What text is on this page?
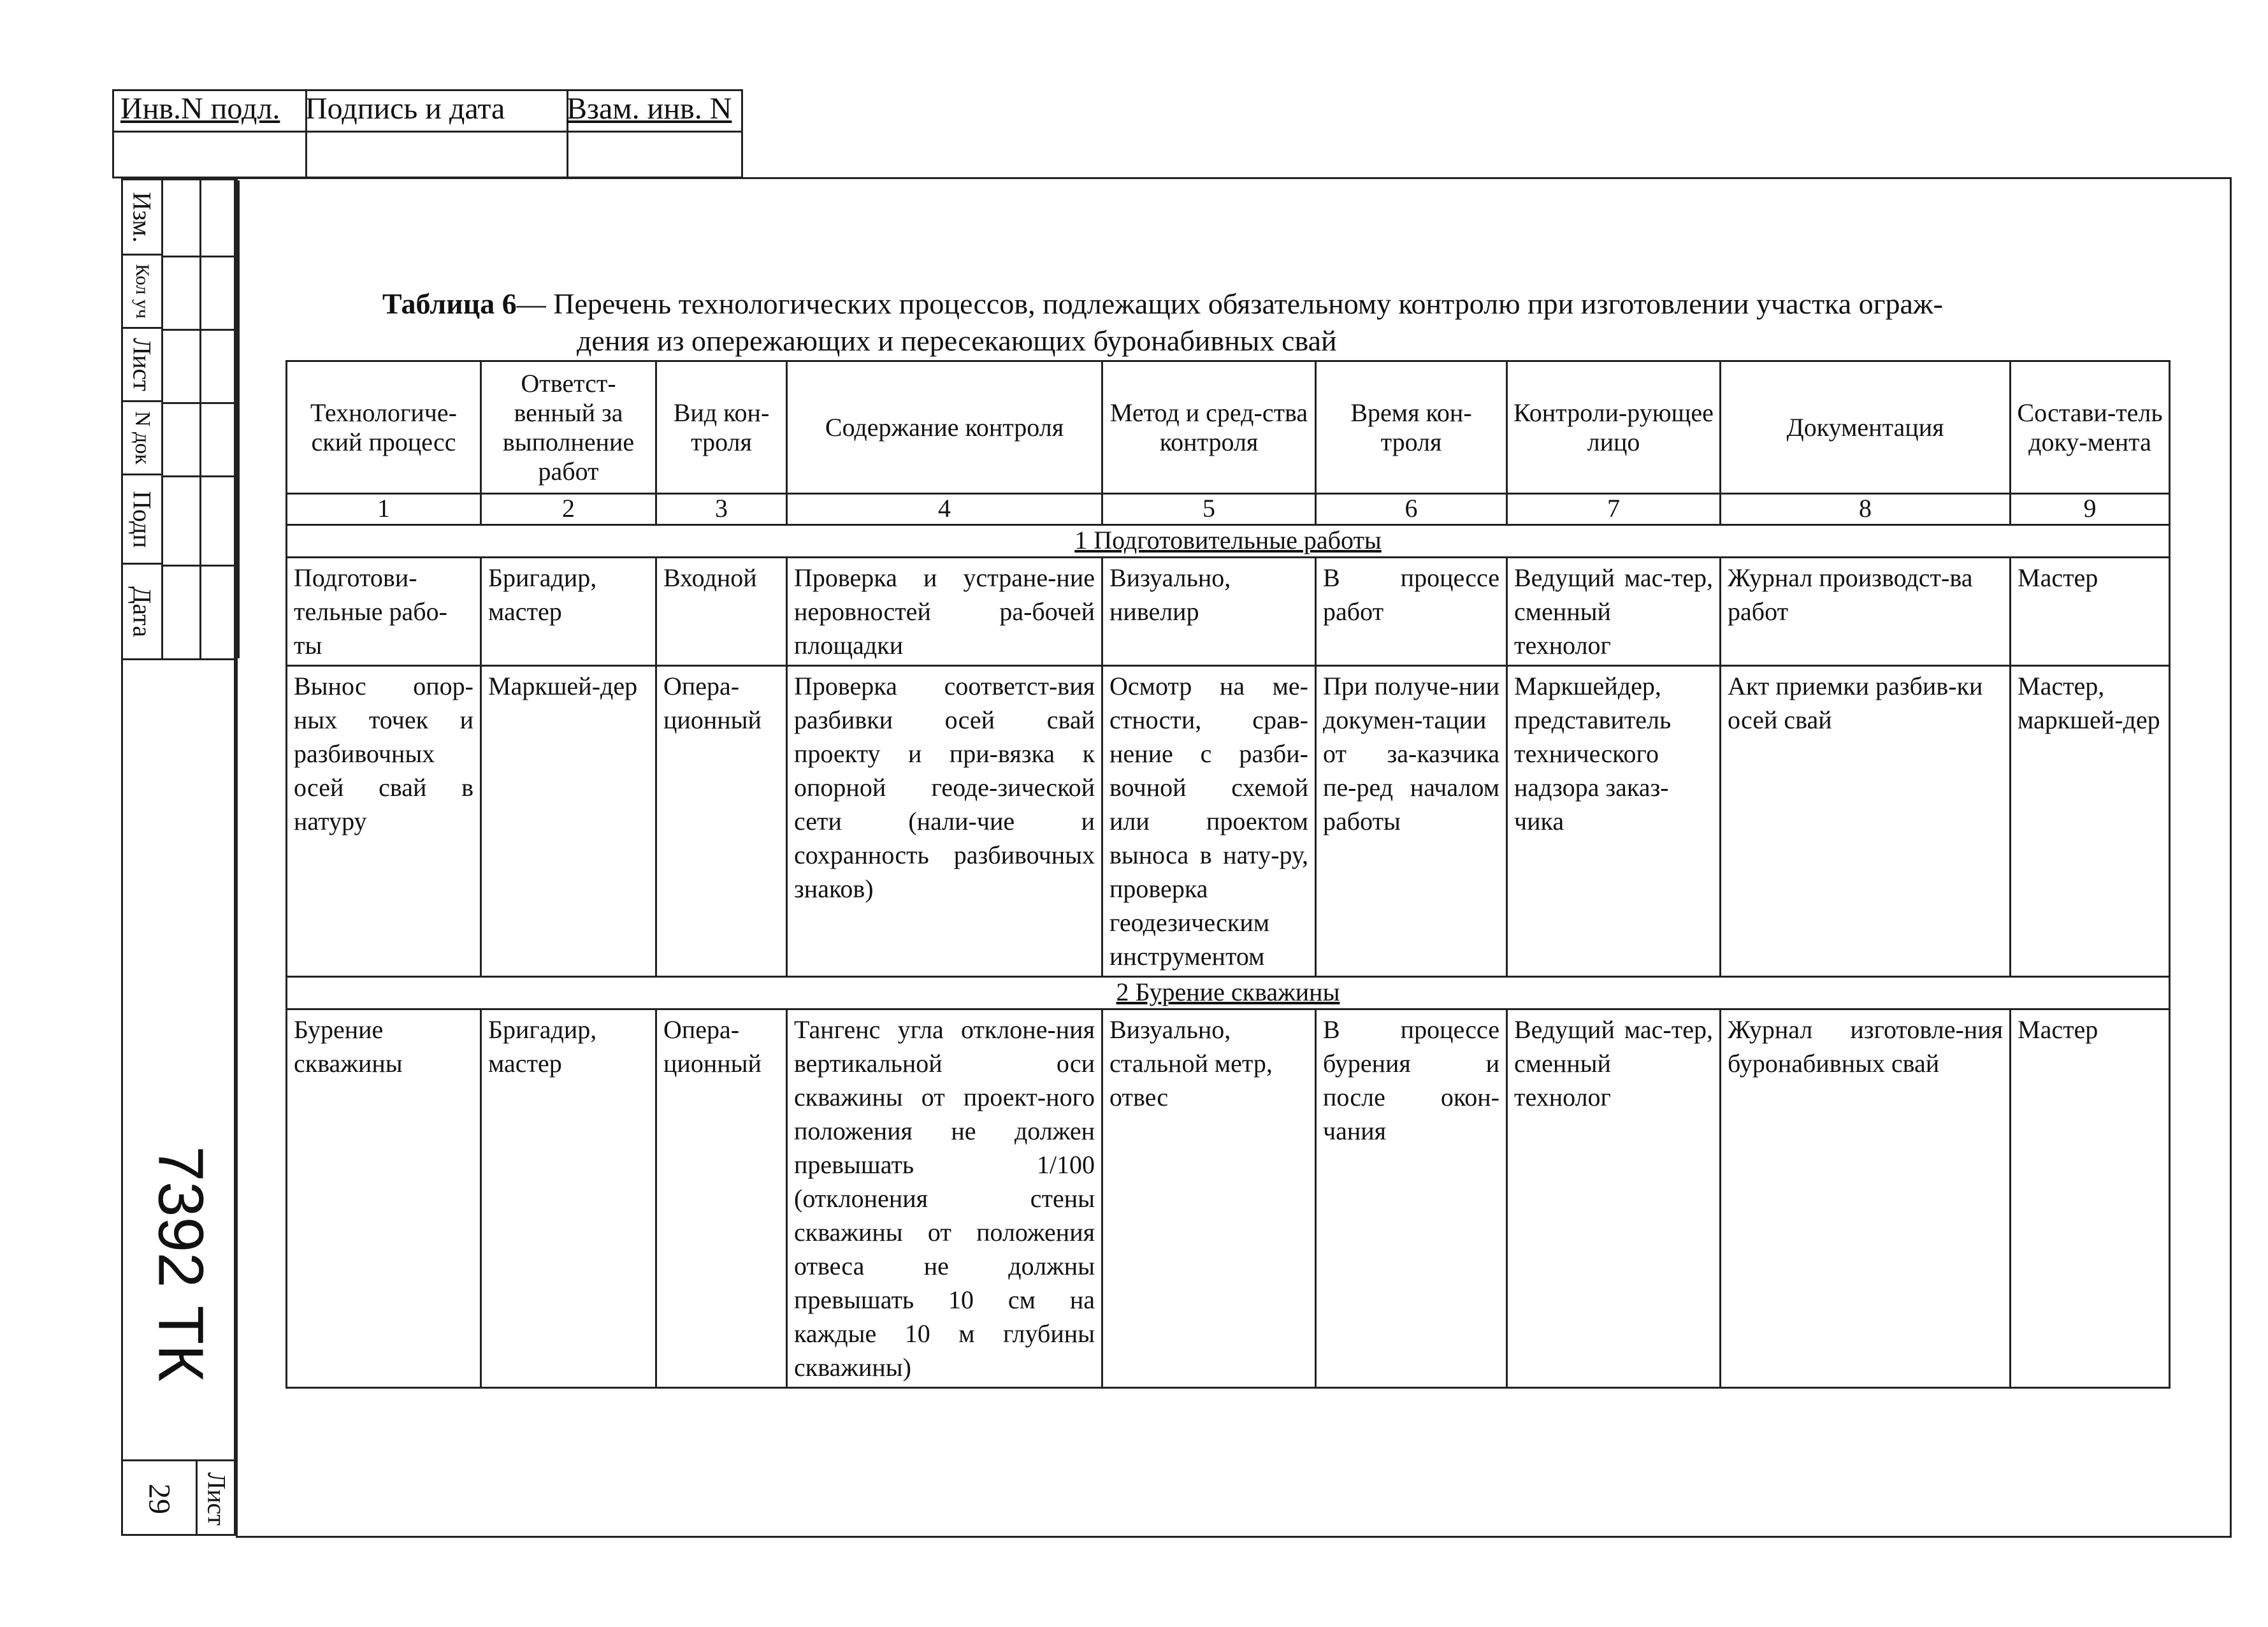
Инв.N подл. Подпись и дата	Взам. инв. N
Изм.
Кол уч
Лист
N док
Подп
Дата
7392 ТК
29 Лист
Таблица 6— Перечень технологических процессов, подлежащих обязательному контролю при изготовлении участка ограж-
дения из опережающих и пересекающих буронабивных свай
Технологиче-ский процесс	Ответст-венный за выполнение работ	Вид кон-троля	Содержание контроля	Метод и сред-ства контроля	Время кон-троля	Контроли-рующее лицо	Документация	Состави-тель доку-мента
1	2	3	4	5	6	7	8	9
1 Подготовительные работы								
Подготови-тельные рабо-ты	Бригадир, мастер	Входной	Проверка и устране-ние неровностей ра-бочей площадки	Визуально, нивелир	В процессе работ	Ведущий мас-тер, сменный технолог	Журнал производст-ва работ	Мастер
Вынос опор-ных точек и разбивочных осей свай в натуру	Маркшей-дер	Опера-ционный	Проверка соответст-вия разбивки осей свай проекту и при-вязка к опорной геоде-зической сети (нали-чие и сохранность разбивочных знаков)	Осмотр на ме-стности, срав-нение с разби-вочной схемой или проектом выноса в нату-ру, проверка геодезическим инструментом	При получе-нии докумен-тации от за-казчика пе-ред началом работы	Маркшейдер, представитель технического надзора заказ-чика	Акт приемки разбив-ки осей свай	Мастер, маркшей-дер
2 Бурение скважины								
Бурение скважины	Бригадир, мастер	Опера-ционный	Тангенс угла отклоне-ния вертикальной оси скважины от проект-ного положения не должен превышать 1/100 (отклонения стены скважины от положения отвеса не должны превышать 10 см на каждые 10 м глубины скважины)	Визуально, стальной метр, отвес	В процессе бурения и после окон-чания	Ведущий мас-тер, сменный технолог	Журнал изготовле-ния буронабивных свай	Мастер
